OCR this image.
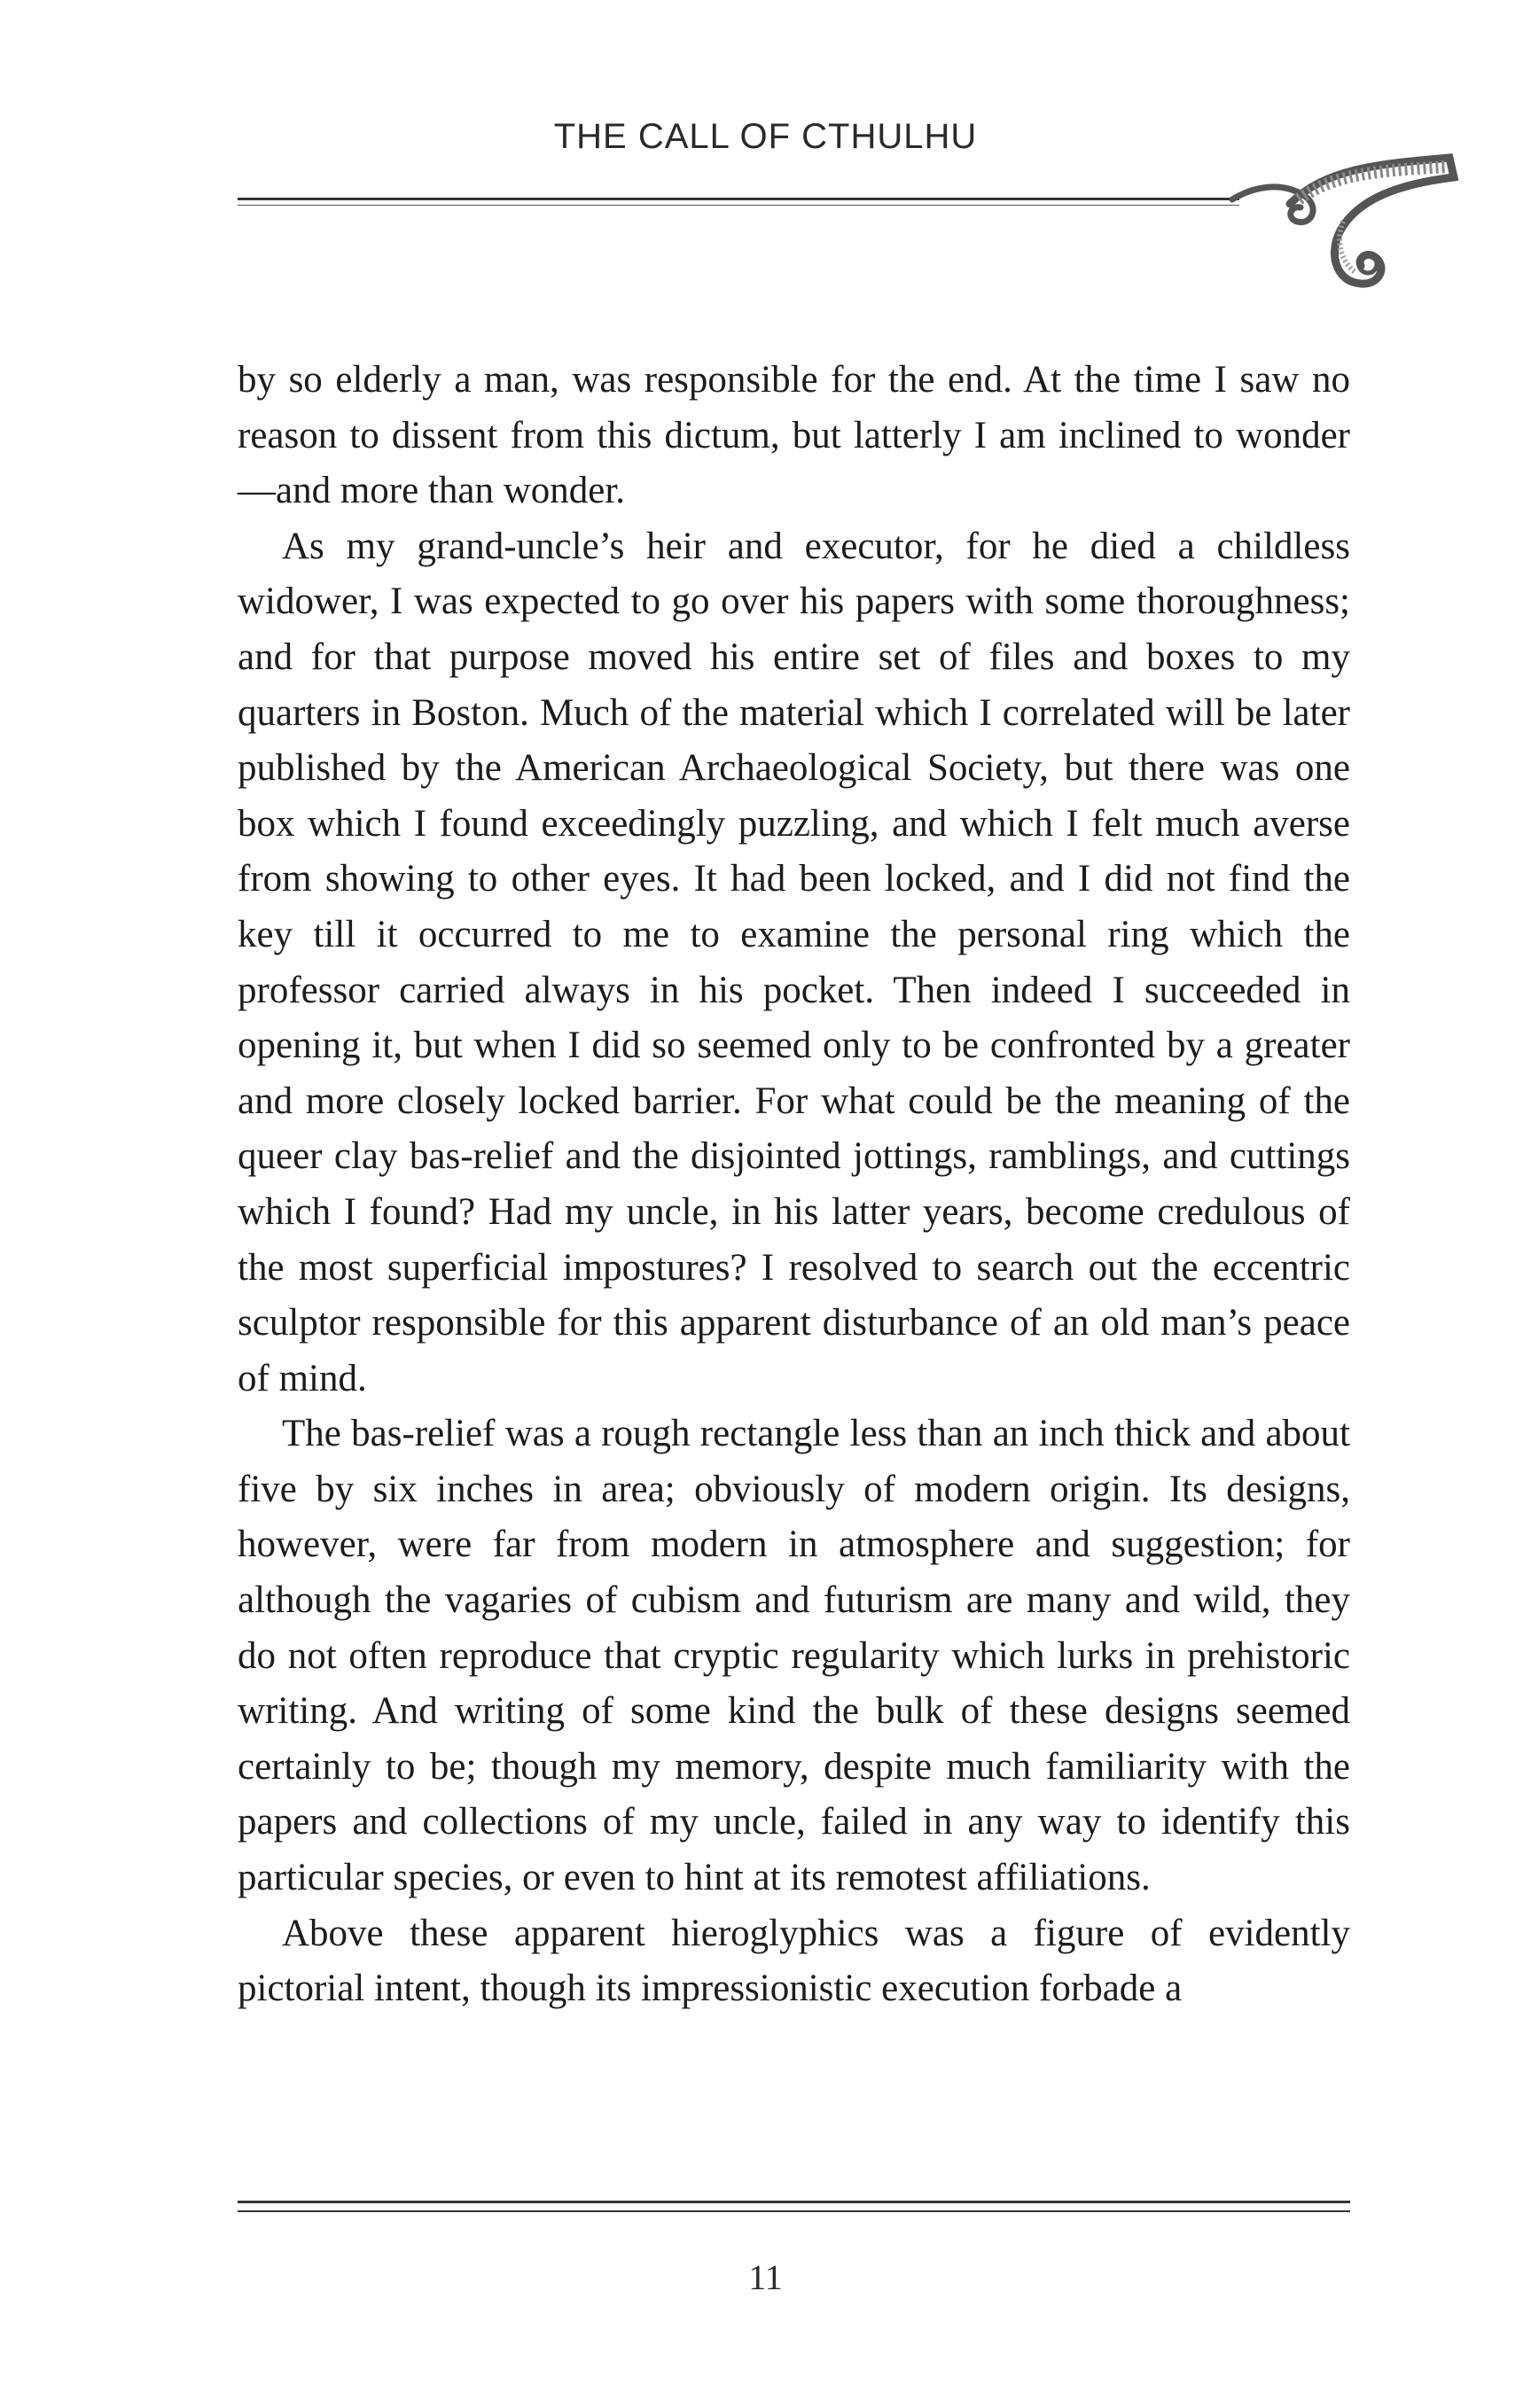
THE CALL OF CTHULHU

by so elderly a man, was responsible for the end. At the time I saw no reason to dissent from this dictum, but latterly I am inclined to wonder—and more than wonder.

As my grand-uncle’s heir and executor, for he died a childless widower, I was expected to go over his papers with some thoroughness; and for that purpose moved his entire set of files and boxes to my quarters in Boston. Much of the material which I correlated will be later published by the American Archaeological Society, but there was one box which I found exceedingly puzzling, and which I felt much averse from showing to other eyes. It had been locked, and I did not find the key till it occurred to me to examine the personal ring which the professor carried always in his pocket. Then indeed I succeeded in opening it, but when I did so seemed only to be confronted by a greater and more closely locked barrier. For what could be the meaning of the queer clay bas-relief and the disjointed jottings, ramblings, and cuttings which I found? Had my uncle, in his latter years, become credulous of the most superficial impostures? I resolved to search out the eccentric sculptor responsible for this apparent disturbance of an old man’s peace of mind.

The bas-relief was a rough rectangle less than an inch thick and about five by six inches in area; obviously of modern origin. Its designs, however, were far from modern in atmosphere and suggestion; for although the vagaries of cubism and futurism are many and wild, they do not often reproduce that cryptic regularity which lurks in prehistoric writing. And writing of some kind the bulk of these designs seemed certainly to be; though my memory, despite much familiarity with the papers and collections of my uncle, failed in any way to identify this particular species, or even to hint at its remotest affiliations.

Above these apparent hieroglyphics was a figure of evidently pictorial intent, though its impressionistic execution forbade a

11
